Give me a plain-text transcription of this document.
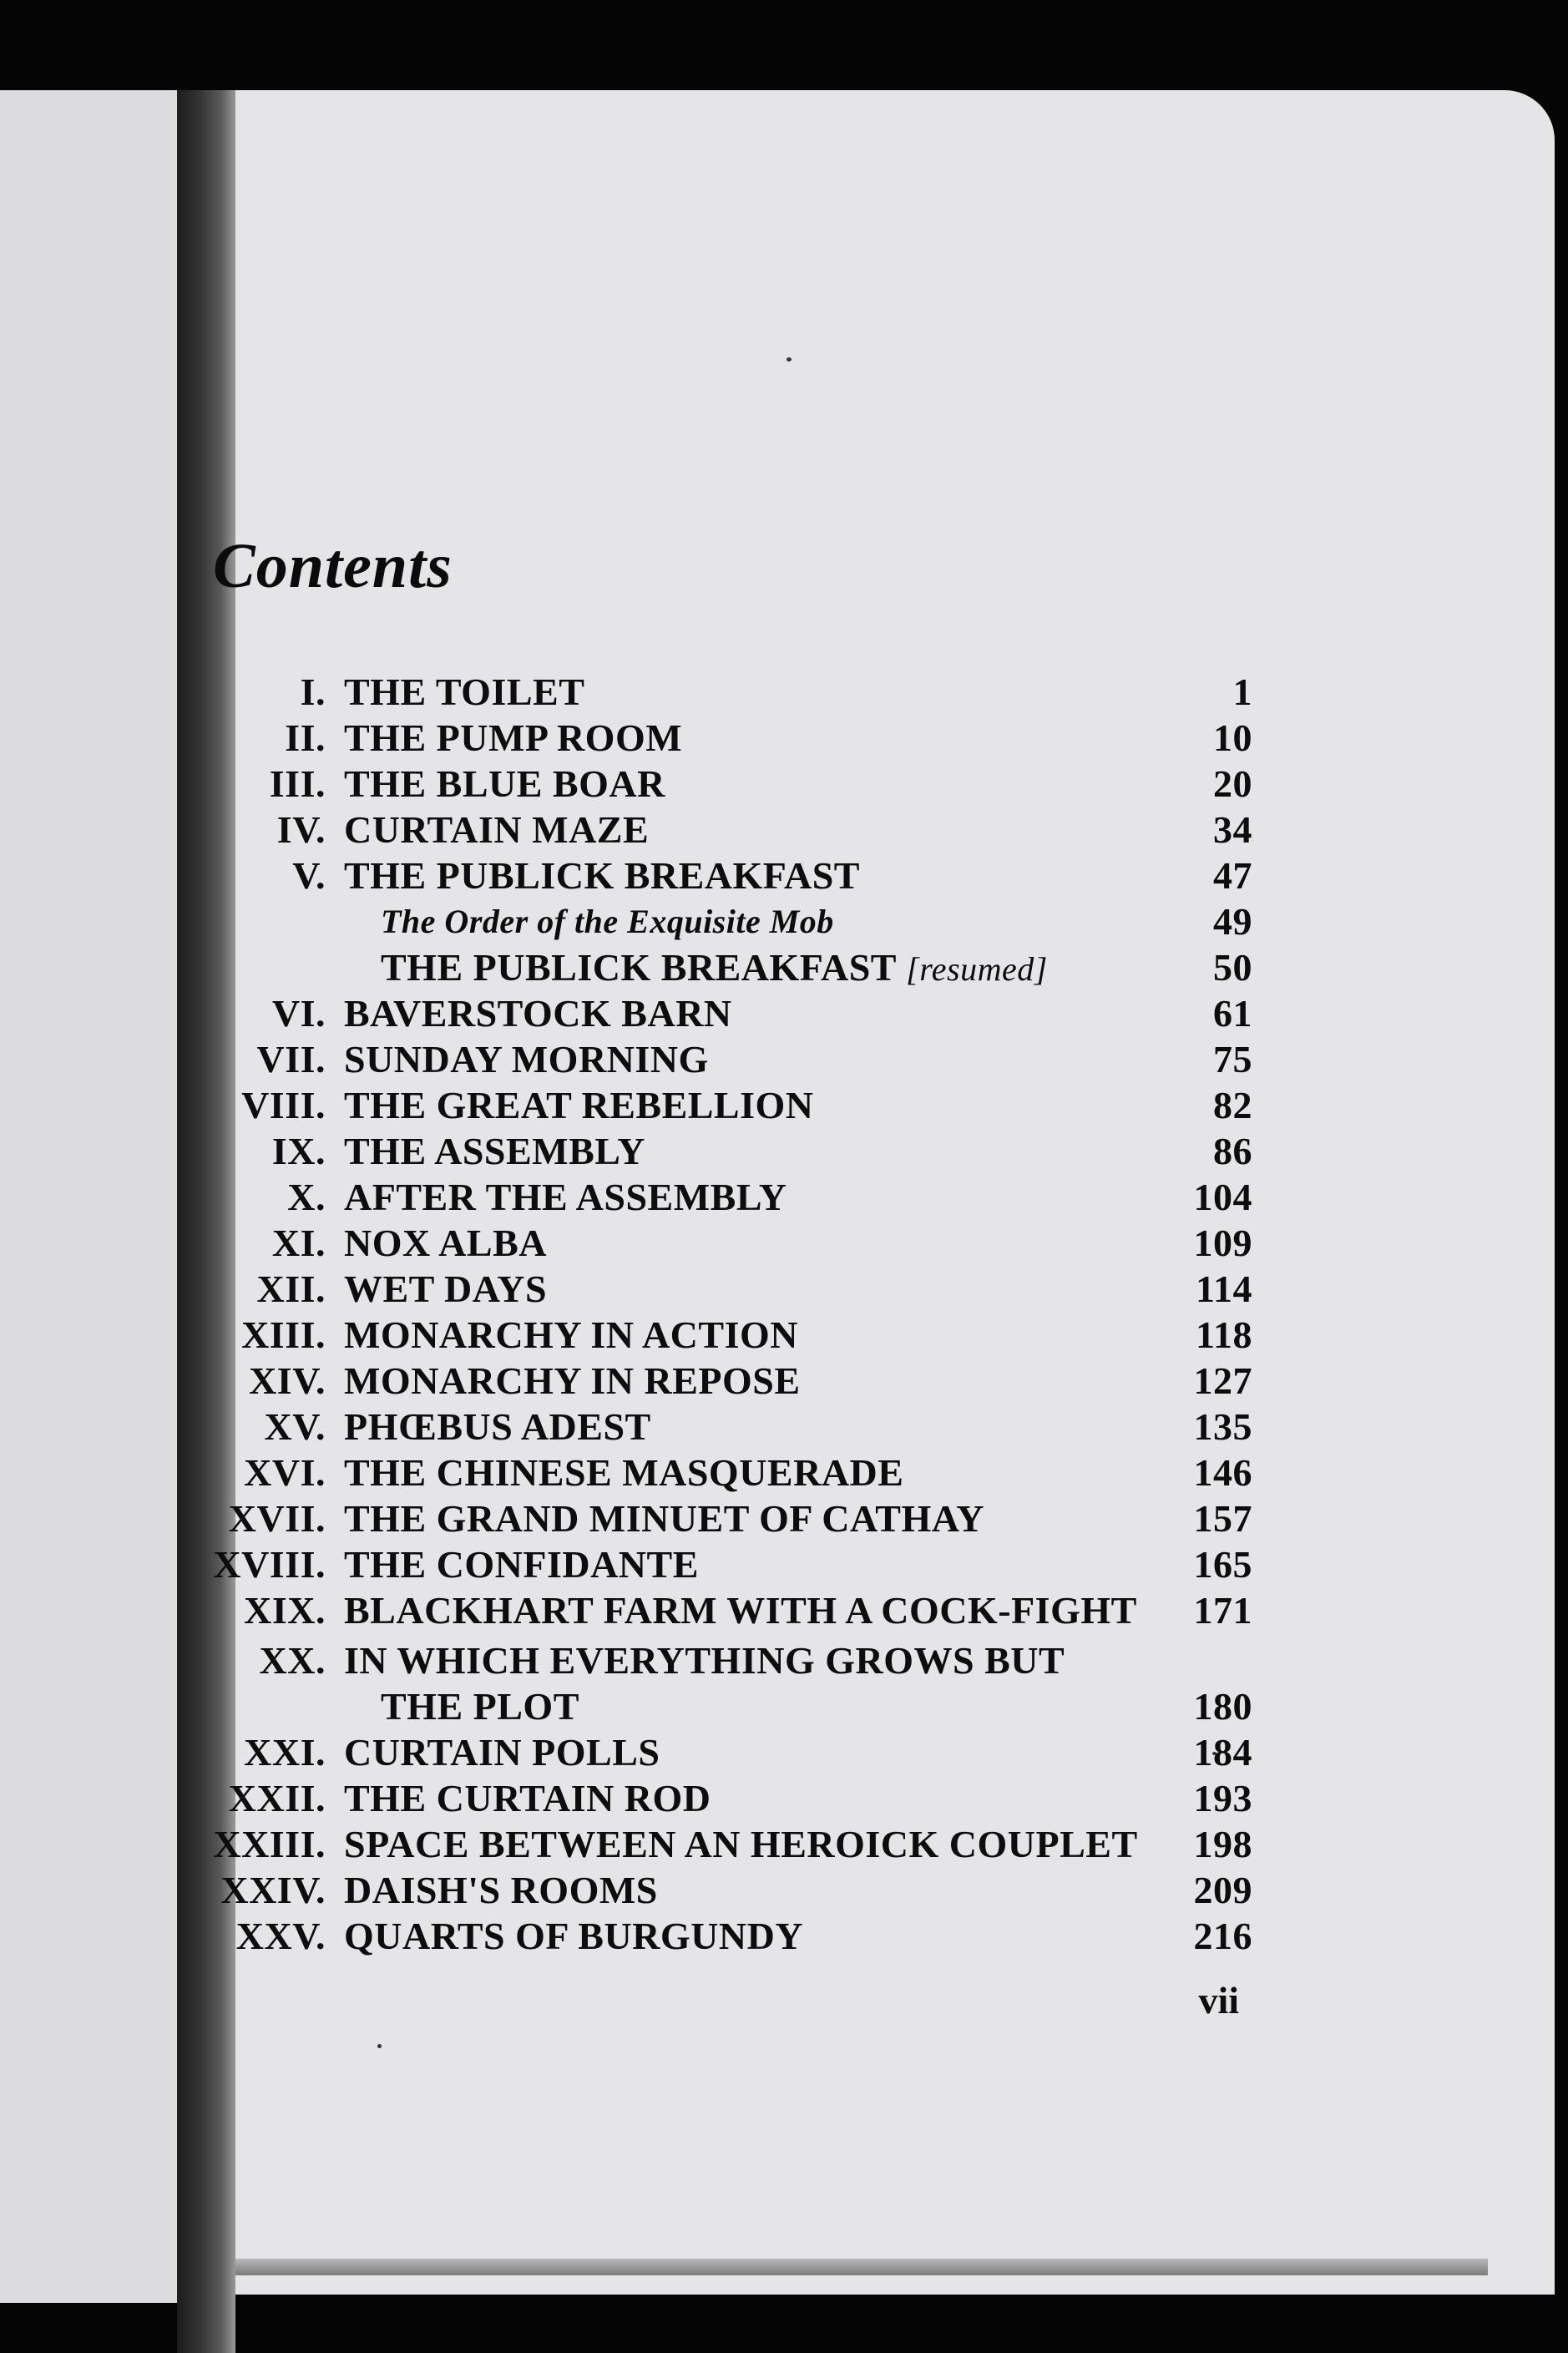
Contents
I. THE TOILET	1
II. THE PUMP ROOM	10
III. THE BLUE BOAR	20
IV. CURTAIN MAZE	34
V. THE PUBLICK BREAKFAST	47
The Order of the Exquisite Mob	49
THE PUBLICK BREAKFAST [resumed]	50
VI. BAVERSTOCK BARN	61
VII. SUNDAY MORNING	75
VIII. THE GREAT REBELLION	82
IX. THE ASSEMBLY	86
X. AFTER THE ASSEMBLY	104
XI. NOX ALBA	109
XII. WET DAYS	114
XIII. MONARCHY IN ACTION	118
XIV. MONARCHY IN REPOSE	127
XV. PHŒBUS ADEST	135
XVI. THE CHINESE MASQUERADE	146
XVII. THE GRAND MINUET OF CATHAY	157
XVIII. THE CONFIDANTE	165
XIX. BLACKHART FARM WITH A COCK-FIGHT	171
XX. IN WHICH EVERYTHING GROWS BUT
THE PLOT	180
XXI. CURTAIN POLLS	184
XXII. THE CURTAIN ROD	193
XXIII. SPACE BETWEEN AN HEROICK COUPLET	198
XXIV. DAISH'S ROOMS	209
XXV. QUARTS OF BURGUNDY	216
vii
